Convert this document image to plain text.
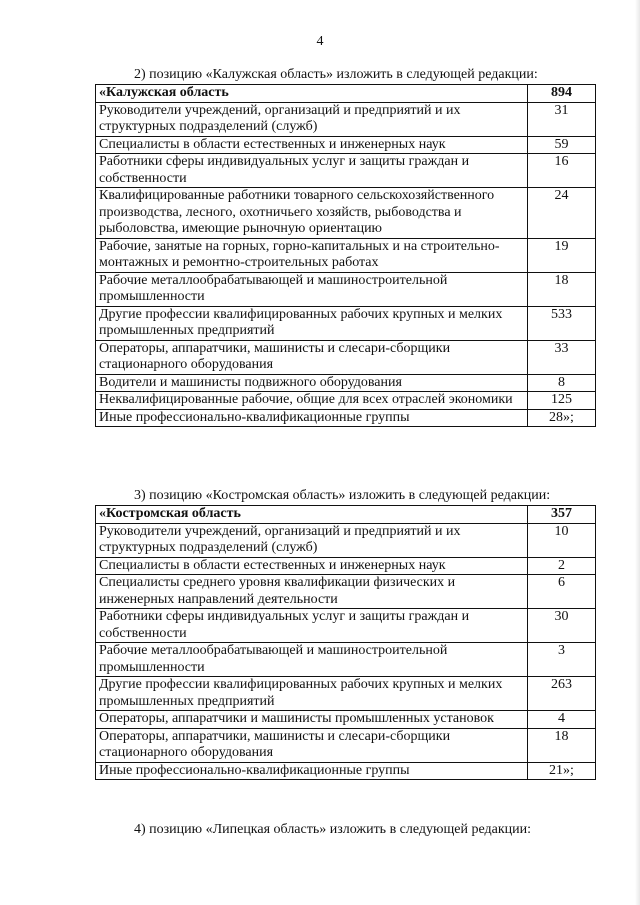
4
2) позицию «Калужская область» изложить в следующей редакции:
«Калужская область	894
Руководители учреждений, организаций и предприятий и их структурных подразделений (служб)	31
Специалисты в области естественных и инженерных наук	59
Работники сферы индивидуальных услуг и защиты граждан и собственности	16
Квалифицированные работники товарного сельскохозяйственного производства, лесного, охотничьего хозяйств, рыбоводства и рыболовства, имеющие рыночную ориентацию	24
Рабочие, занятые на горных, горно-капитальных и на строительно-монтажных и ремонтно-строительных работах	19
Рабочие металлообрабатывающей и машиностроительной промышленности	18
Другие профессии квалифицированных рабочих крупных и мелких промышленных предприятий	533
Операторы, аппаратчики, машинисты и слесари-сборщики стационарного оборудования	33
Водители и машинисты подвижного оборудования	8
Неквалифицированные рабочие, общие для всех отраслей экономики	125
Иные профессионально-квалификационные группы	28»;
3) позицию «Костромская область» изложить в следующей редакции:
«Костромская область	357
Руководители учреждений, организаций и предприятий и их структурных подразделений (служб)	10
Специалисты в области естественных и инженерных наук	2
Специалисты среднего уровня квалификации физических и инженерных направлений деятельности	6
Работники сферы индивидуальных услуг и защиты граждан и собственности	30
Рабочие металлообрабатывающей и машиностроительной промышленности	3
Другие профессии квалифицированных рабочих крупных и мелких промышленных предприятий	263
Операторы, аппаратчики и машинисты промышленных установок	4
Операторы, аппаратчики, машинисты и слесари-сборщики стационарного оборудования	18
Иные профессионально-квалификационные группы	21»;
4) позицию «Липецкая область» изложить в следующей редакции:
